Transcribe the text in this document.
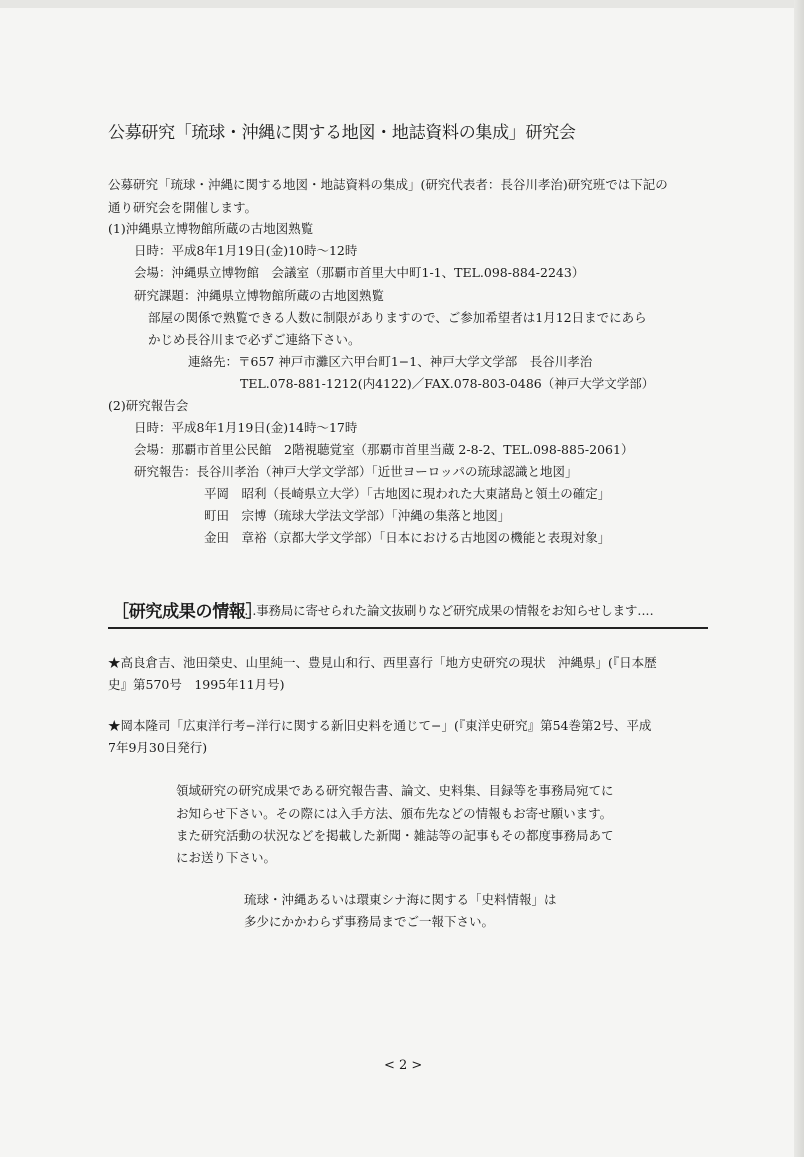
公募研究「琉球・沖縄に関する地図・地誌資料の集成」研究会
公募研究「琉球・沖縄に関する地図・地誌資料の集成」(研究代表者：長谷川孝治)研究班では下記の
通り研究会を開催します。
(1)沖縄県立博物館所蔵の古地図熟覧
日時：平成8年1月19日(金)10時〜12時
会場：沖縄県立博物館　会議室（那覇市首里大中町1-1、TEL.098-884-2243）
研究課題：沖縄県立博物館所蔵の古地図熟覧
部屋の関係で熟覧できる人数に制限がありますので、ご参加希望者は1月12日までにあら
かじめ長谷川まで必ずご連絡下さい。
連絡先：〒657 神戸市灘区六甲台町1−1、神戸大学文学部　長谷川孝治
TEL.078-881-1212(内4122)／FAX.078-803-0486（神戸大学文学部）
(2)研究報告会
日時：平成8年1月19日(金)14時〜17時
会場：那覇市首里公民館　2階視聴覚室（那覇市首里当蔵 2-8-2、TEL.098-885-2061）
研究報告：長谷川孝治（神戸大学文学部）「近世ヨーロッパの琉球認識と地図」
平岡　昭利（長崎県立大学）「古地図に現われた大東諸島と領土の確定」
町田　宗博（琉球大学法文学部）「沖縄の集落と地図」
金田　章裕（京都大学文学部）「日本における古地図の機能と表現対象」
［研究成果の情報］
‥‥事務局に寄せられた論文抜刷りなど研究成果の情報をお知らせします‥‥
★高良倉吉、池田榮史、山里純一、豊見山和行、西里喜行「地方史研究の現状　沖縄県」(『日本歴
史』第570号　1995年11月号)
★岡本隆司「広東洋行考−洋行に関する新旧史料を通じて−」(『東洋史研究』第54巻第2号、平成
7年9月30日発行)
領域研究の研究成果である研究報告書、論文、史料集、目録等を事務局宛てに
お知らせ下さい。その際には入手方法、頒布先などの情報もお寄せ願います。
また研究活動の状況などを掲載した新聞・雑誌等の記事もその都度事務局あて
にお送り下さい。
琉球・沖縄あるいは環東シナ海に関する「史料情報」は
多少にかかわらず事務局までご一報下さい。
< 2 >
